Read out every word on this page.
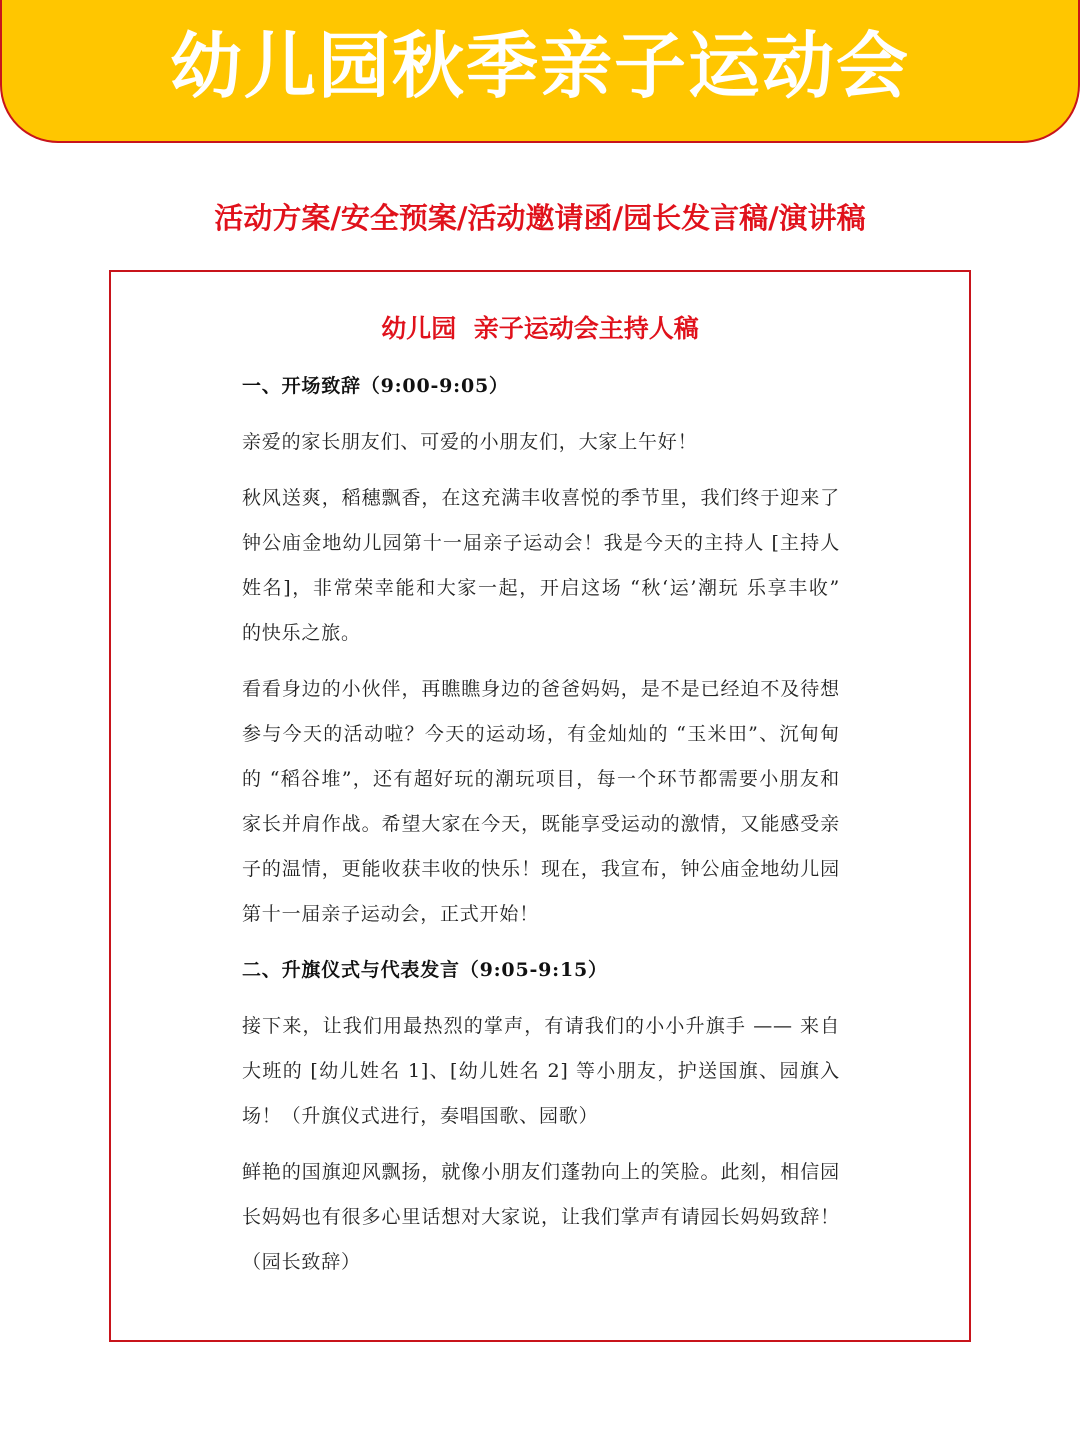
幼儿园秋季亲子运动会
活动方案/安全预案/活动邀请函/园长发言稿/演讲稿
幼儿园  亲子运动会主持人稿

一、开场致辞（9:00-9:05）

亲爱的家长朋友们、可爱的小朋友们，大家上午好！

秋风送爽，稻穗飘香，在这充满丰收喜悦的季节里，我们终于迎来了钟公庙金地幼儿园第十一届亲子运动会！我是今天的主持人 [主持人姓名]，非常荣幸能和大家一起，开启这场 “秋‘运’潮玩 乐享丰收” 的快乐之旅。

看看身边的小伙伴，再瞧瞧身边的爸爸妈妈，是不是已经迫不及待想参与今天的活动啦？今天的运动场，有金灿灿的 “玉米田”、沉甸甸的 “稻谷堆”，还有超好玩的潮玩项目，每一个环节都需要小朋友和家长并肩作战。希望大家在今天，既能享受运动的激情，又能感受亲子的温情，更能收获丰收的快乐！现在，我宣布，钟公庙金地幼儿园第十一届亲子运动会，正式开始！

二、升旗仪式与代表发言（9:05-9:15）

接下来，让我们用最热烈的掌声，有请我们的小小升旗手 —— 来自大班的 [幼儿姓名 1]、[幼儿姓名 2] 等小朋友，护送国旗、园旗入场！（升旗仪式进行，奏唱国歌、园歌）

鲜艳的国旗迎风飘扬，就像小朋友们蓬勃向上的笑脸。此刻，相信园长妈妈也有很多心里话想对大家说，让我们掌声有请园长妈妈致辞！（园长致辞）
